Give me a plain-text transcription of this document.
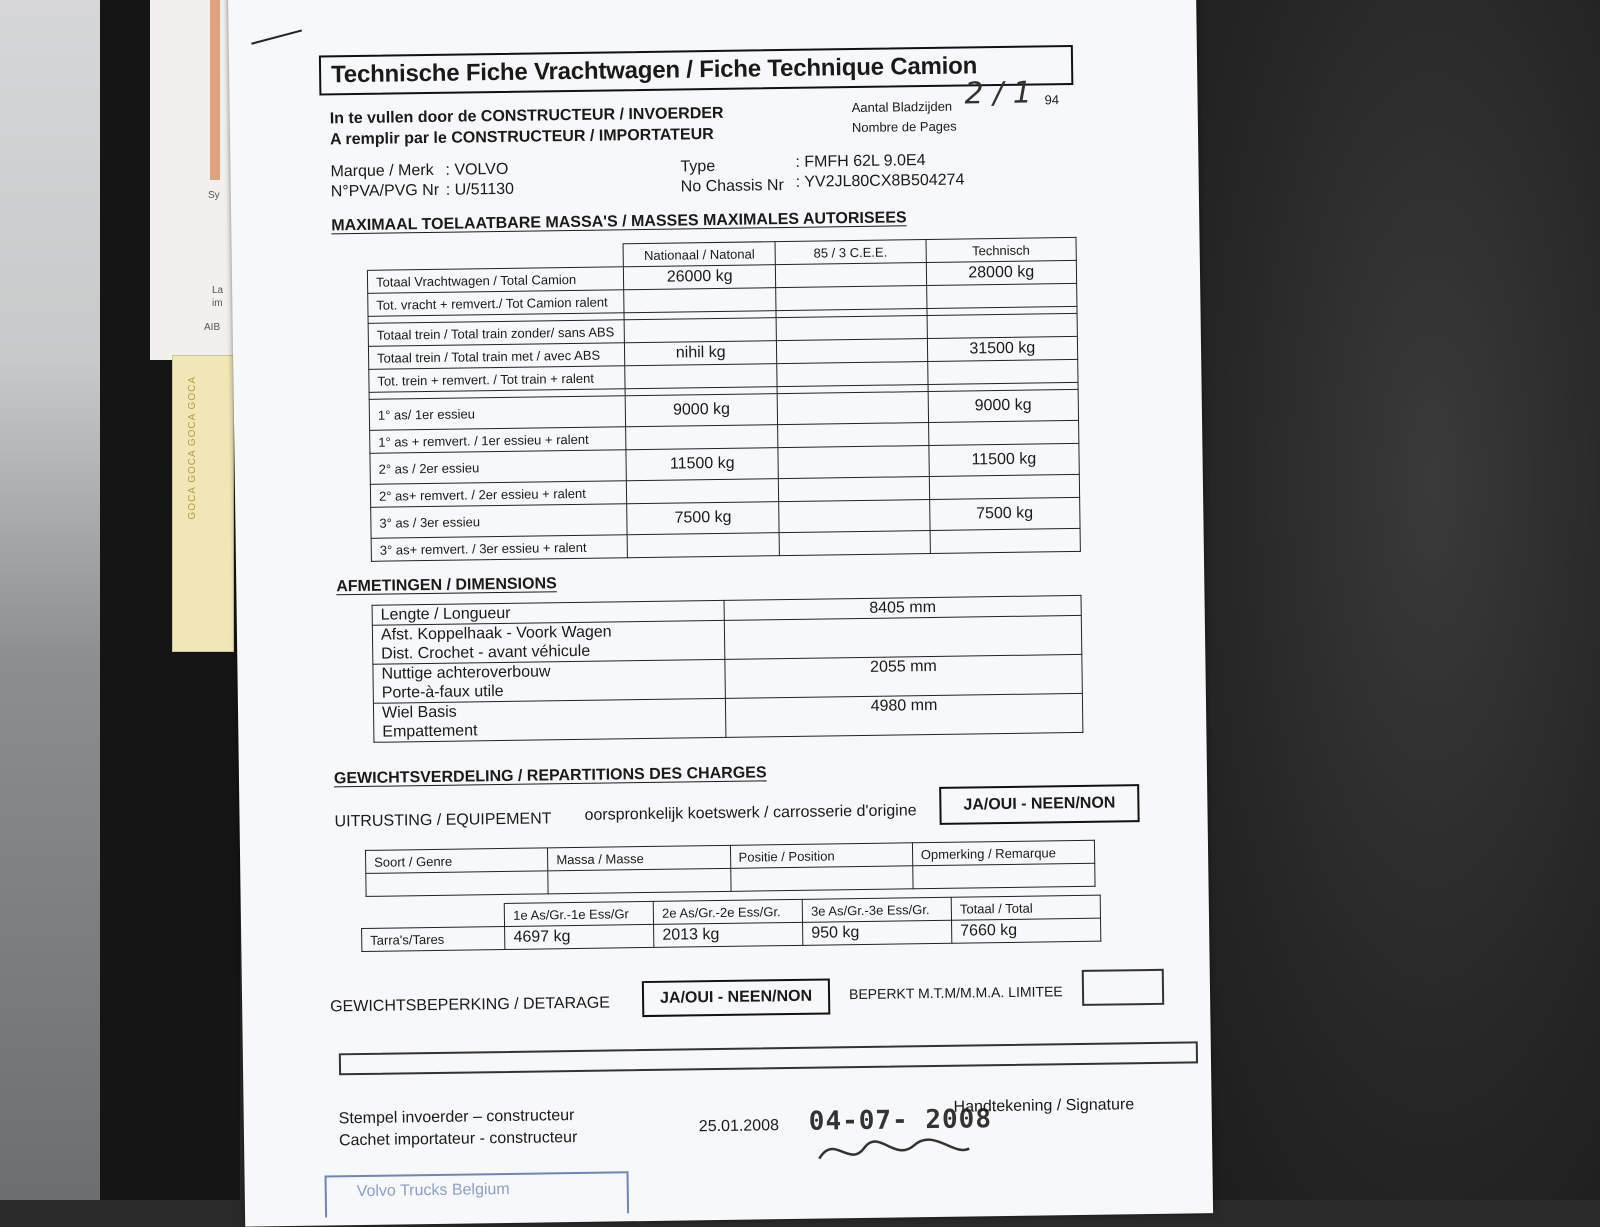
Sy
La
im
AIB
GOCA GOCA GOCA GOCA
Technische Fiche Vrachtwagen / Fiche Technique Camion
In te vullen door de CONSTRUCTEUR / INVOERDER
A remplir par le CONSTRUCTEUR / IMPORTATEUR
Aantal Bladzijden
Nombre de Pages
2 / 1 94
Marque / Merk : VOLVO
N°PVA/PVG Nr : U/51130
Type	: FMFH 62L 9.0E4
No Chassis Nr : YV2JL80CX8B504274
MAXIMAAL TOELAATBARE MASSA'S / MASSES MAXIMALES AUTORISEES
	Nationaal / Natonal	85 / 3 C.E.E.	Technisch
Totaal Vrachtwagen / Total Camion	26000 kg		28000 kg
Tot. vracht + remvert./ Tot Camion ralent			

Totaal trein / Total train zonder/ sans ABS			
Totaal trein / Total train met / avec ABS	nihil kg		31500 kg
Tot. trein + remvert. / Tot train + ralent			

1° as/ 1er essieu	9000 kg		9000 kg
1° as + remvert. / 1er essieu + ralent			
2° as / 2er essieu	11500 kg		11500 kg
2° as+ remvert. / 2er essieu + ralent			
3° as / 3er essieu	7500 kg		7500 kg
3° as+ remvert. / 3er essieu + ralent			
AFMETINGEN / DIMENSIONS
Lengte / Longueur	8405 mm
Afst. Koppelhaak - Voork Wagen
Dist. Crochet - avant véhicule	
Nuttige achteroverbouw
Porte-à-faux utile	2055 mm
Wiel Basis
Empattement	4980 mm
GEWICHTSVERDELING / REPARTITIONS DES CHARGES
UITRUSTING / EQUIPEMENT oorspronkelijk koetswerk / carrosserie d'origine	JA/OUI - NEEN/NON
Soort / Genre	Massa / Masse	Positie / Position	Opmerking / Remarque

	1e As/Gr.-1e Ess/Gr	2e As/Gr.-2e Ess/Gr.	3e As/Gr.-3e Ess/Gr.	Totaal / Total
Tarra's/Tares	4697 kg	2013 kg	950 kg	7660 kg
GEWICHTSBEPERKING / DETARAGE	JA/OUI - NEEN/NON	BEPERKT M.T.M/M.M.A. LIMITEE
Stempel invoerder – constructeur
Cachet importateur - constructeur
25.01.2008 04-07- 2008
Handtekening / Signature
Volvo Trucks Belgium
